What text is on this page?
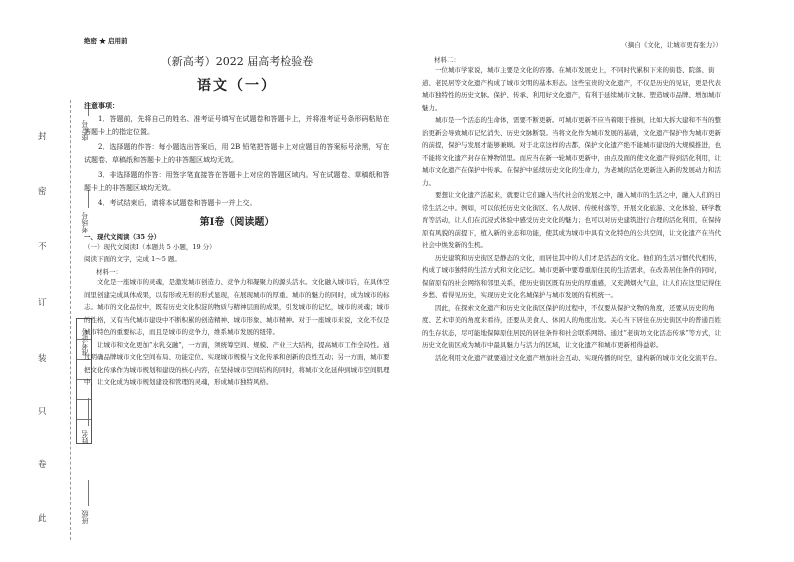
封
密
不
订
装
只
卷
此
座位号
考场号
准考证号
姓名
班级
绝密 ★ 启用前
（新高考）2022 届高考检验卷
语文（一）
注意事项：

1．答题前，先将自己的姓名、准考证号填写在试题卷和答题卡上，并将准考证号条形码粘贴在答题卡上的指定位置。

2．选择题的作答：每小题选出答案后，用 2B 铅笔把答题卡上对应题目的答案标号涂黑，写在试题卷、草稿纸和答题卡上的非答题区域均无效。

3．非选择题的作答：用签字笔直接答在答题卡上对应的答题区域内。写在试题卷、草稿纸和答题卡上的非答题区域均无效。

4．考试结束后，请将本试题卷和答题卡一并上交。

第Ⅰ卷（阅读题）
一、现代文阅读（35 分）

（一）现代文阅读Ⅰ（本题共 5 小题，19 分）

阅读下面的文字，完成 1～5 题。

材料一：

文化是一座城市的灵魂，是激发城市创造力、竞争力和凝聚力的源头活水。文化融入城市后，在具体空间里创建完成具体成果，以有形或无形的形式显现，在展现城市的厚重、城市的魅力的同时，成为城市的标志。城市的文化品位中，既有历史文化积淀的物质与精神层面的成果，引发城市的记忆，城市的灵魂；城市的性格，又有当代城市建设中不断积累的创造精神、城市形象、城市精神。对于一座城市来说，文化不仅是城市特色的重要标志，而且是城市的竞争力，维系城市发展的纽带。

让城市和文化更加“水乳交融”，一方面，须统筹空间、规模、产业三大结构，提高城市工作全局性。通过明确品牌城市文化空间布局、功能定位、实现城市规模与文化传承和创新的良性互动；另一方面，城市要把文化传承作为城市规划和建设的核心内容，在坚持城市空间结构的同时，将城市文化延伸到城市空间肌理中，让文化成为城市规划建设和管理的灵魂，形成城市独特风格。

（摘自《文化，让城市更有张力》）
材料二：

一位城市学家说，城市主要是文化的容器。在城市发展史上，不同时代累积下来的街巷、院落、街道、老民居等文化遗产构成了城市文明的基本形态。这些宝贵的文化遗产，不仅是历史的见证，更是代表城市独特性的历史文脉。保护、传承、利用好文化遗产，有利于延续城市文脉、塑造城市品牌、增加城市魅力。

城市是一个活态的生命体，需要不断更新。可城市更新不应当着眼于推倒，比如大拆大建和不当的整治更新会导致城市记忆消失、历史文脉断裂。当将文化作为城市发展的基础，文化遗产保护作为城市更新的前提，保护与发展才能够兼顾。对于北京这样的古都，保护文化遗产绝不能城市建设的大规模推进，也不能将文化遗产封存在博物馆里。而应当在新一轮城市更新中，由点及面的使文化遗产得到活化利用，让城市文化遗产在保护中传承。在保护中延续历史文化的生命力，为老城的活化更新注入新的发展动力和活力。

要想让文化遗产活起来，就要让它们融入当代社会的发展之中，融入城市的生活之中，融入人们的日常生活之中。例如，可以依托历史文化街区、名人故居、传统村落等，开展文化旅游、文化体验、研学教育等活动，让人们在沉浸式体验中感受历史文化的魅力；也可以对历史建筑进行合理的活化利用，在保持原有风貌的前提下，植入新的业态和功能，使其成为城市中具有文化特色的公共空间，让文化遗产在当代社会中焕发新的生机。

历史建筑和历史街区是静态的文化，而居住其中的人们才是活态的文化。他们的生活习惯代代相传，构成了城市独特的生活方式和文化记忆。城市更新中要尊重原住民的生活需求，在改善居住条件的同时，保留原有的社会网络和邻里关系，使历史街区既有历史的厚重感，又充满烟火气息，让人们在这里记得住乡愁、看得见历史，实现历史文化名城保护与城市发展的有机统一。

因此，在探索文化遗产和历史文化街区保护的过程中，不仅要从保护文物的角度，还要从历史的角度、艺术审美的角度来看待，还要从美食人、休闲人的角度出发。关心当下居住在历史街区中的普通百姓的生存状态，尽可能地保障原住居民的居住条件和社会联系网络。通过“老街坊文化活态传承”等方式，让历史文化街区成为城市中最具魅力与活力的区域，让文化遗产和城市更新相得益彰。

活化利用文化遗产就要通过文化遗产增加社会互动、实现传播的时空，建构新的城市文化交流平台。
